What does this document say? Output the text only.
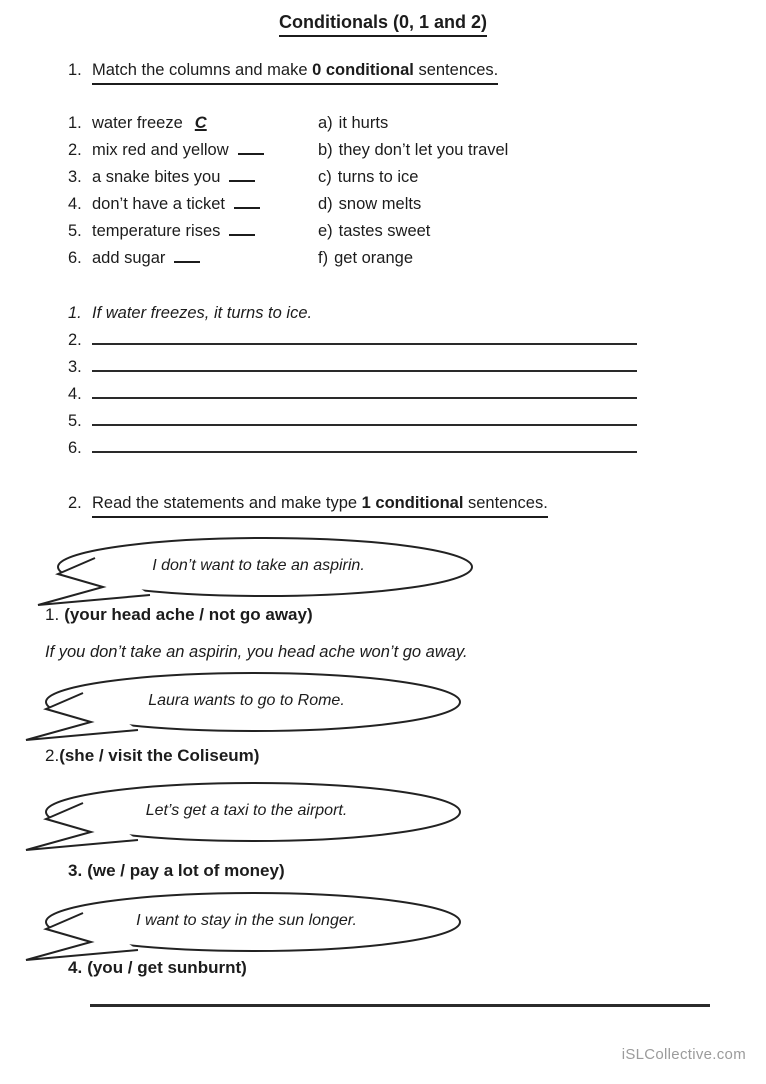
Conditionals (0, 1 and 2)
1. Match the columns and make 0 conditional sentences.
1. water freeze C	a) it hurts
2. mix red and yellow	b) they don’t let you travel
3. a snake bites you	c) turns to ice
4. don’t have a ticket	d) snow melts
5. temperature rises	e) tastes sweet
6. add sugar	f) get orange
1. If water freezes, it turns to ice.
2.
3.
4.
5.
6.
2. Read the statements and make type 1 conditional sentences.
I don’t want to take an aspirin.
1. (your head ache / not go away)
If you don’t take an aspirin, you head ache won’t go away.
Laura wants to go to Rome.
2. (she / visit the Coliseum)
Let’s get a taxi to the airport.
3. (we / pay a lot of money)
I want to stay in the sun longer.
4. (you / get sunburnt)
iSLCollective.com
